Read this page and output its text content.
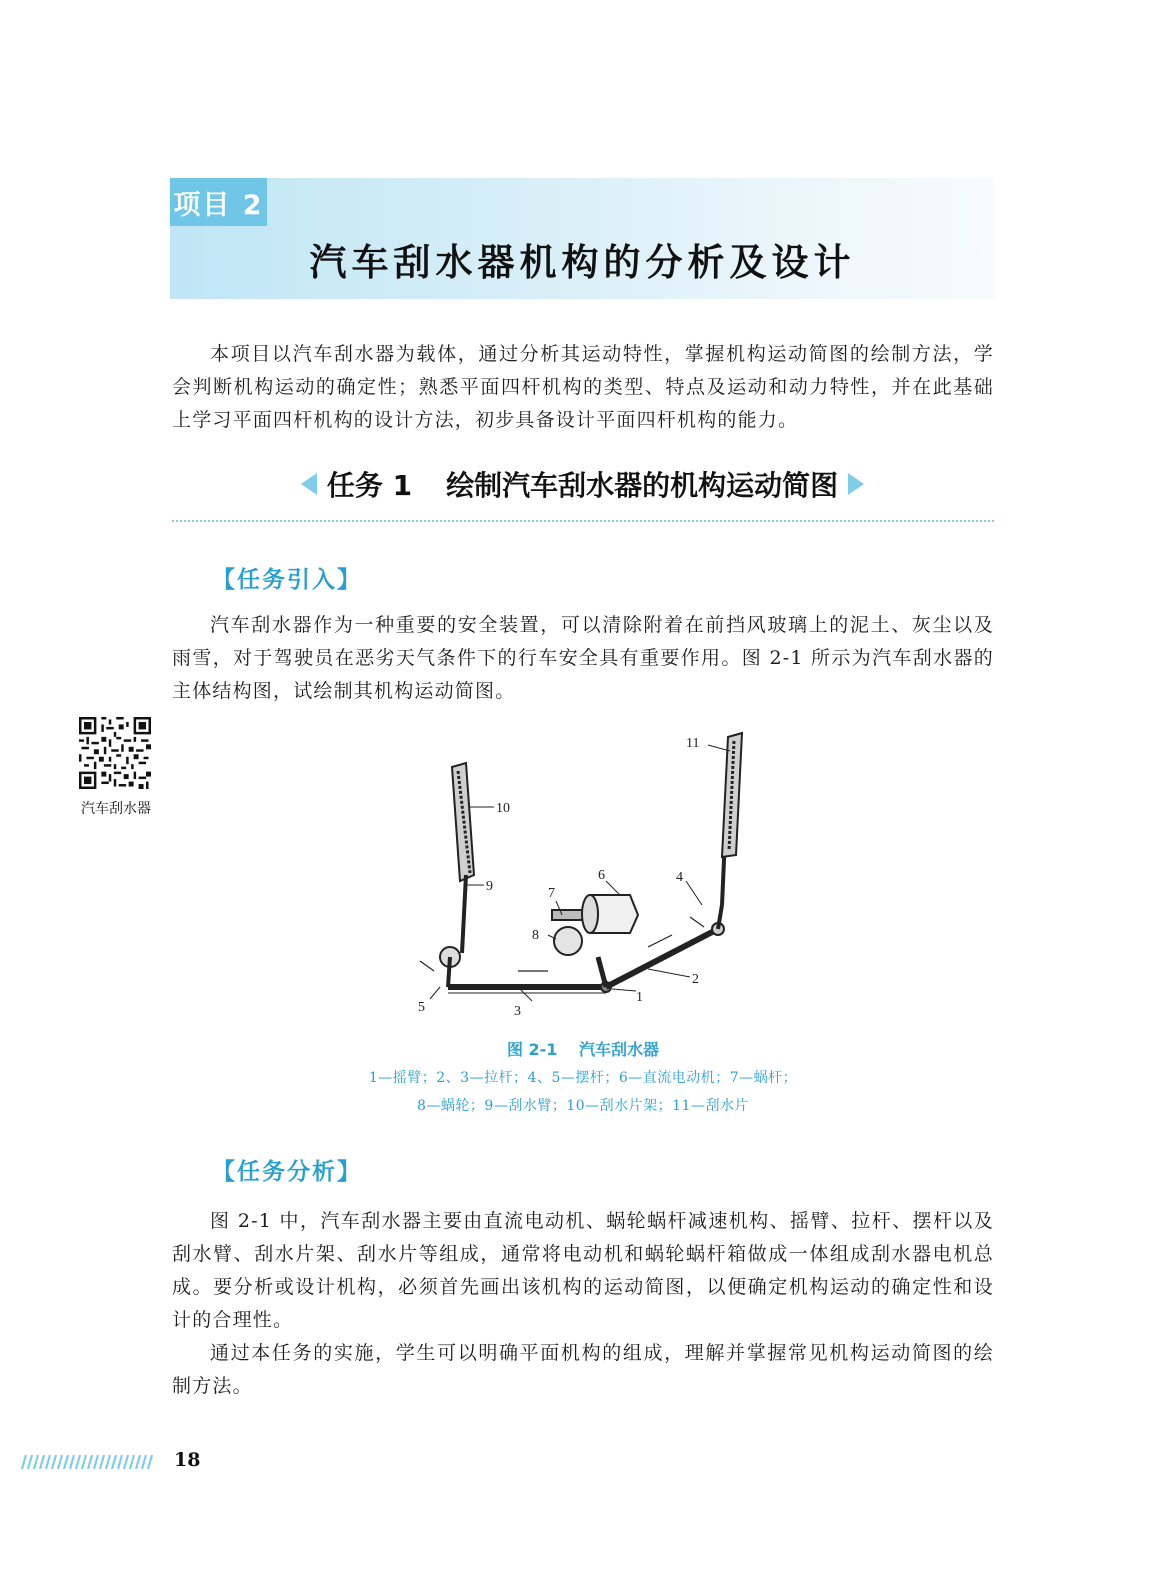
项目 2
汽车刮水器机构的分析及设计

本项目以汽车刮水器为载体，通过分析其运动特性，掌握机构运动简图的绘制方法，学会判断机构运动的确定性；熟悉平面四杆机构的类型、特点及运动和动力特性，并在此基础上学习平面四杆机构的设计方法，初步具备设计平面四杆机构的能力。

任务 1 绘制汽车刮水器的机构运动简图
【任务引入】

汽车刮水器作为一种重要的安全装置，可以清除附着在前挡风玻璃上的泥土、灰尘以及雨雪，对于驾驶员在恶劣天气条件下的行车安全具有重要作用。图 2-1 所示为汽车刮水器的主体结构图，试绘制其机构运动简图。

汽车刮水器	10
9
11
1
2
3
4
5
6
7
8
图 2-1 汽车刮水器
1—摇臂；2、3—拉杆；4、5—摆杆；6—直流电动机；7—蜗杆；
8—蜗轮；9—刮水臂；10—刮水片架；11—刮水片
【任务分析】

图 2-1 中，汽车刮水器主要由直流电动机、蜗轮蜗杆减速机构、摇臂、拉杆、摆杆以及刮水臂、刮水片架、刮水片等组成，通常将电动机和蜗轮蜗杆箱做成一体组成刮水器电机总成。要分析或设计机构，必须首先画出该机构的运动简图，以便确定机构运动的确定性和设计的合理性。

通过本任务的实施，学生可以明确平面机构的组成，理解并掌握常见机构运动简图的绘制方法。

18
